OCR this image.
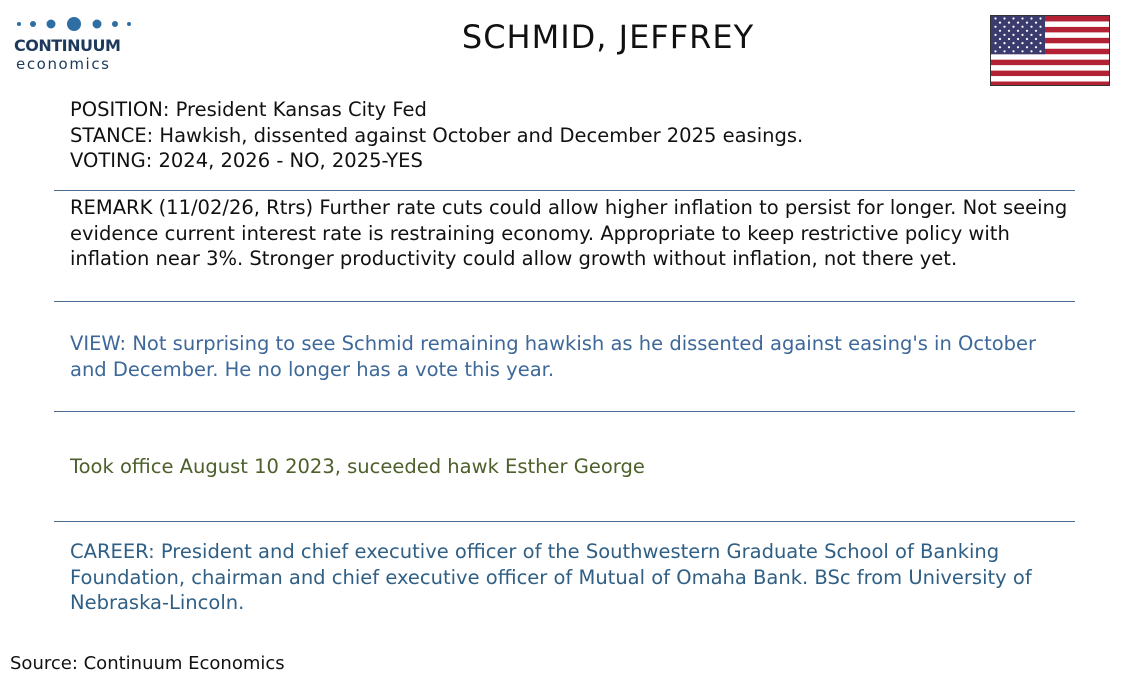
CONTINUUM
economics
SCHMID, JEFFREY

POSITION: President Kansas City Fed

STANCE: Hawkish, dissented against October and December 2025 easings.

VOTING: 2024, 2026 - NO, 2025-YES

REMARK (11/02/26, Rtrs) Further rate cuts could allow higher inflation to persist for longer. Not seeing evidence current interest rate is restraining economy. Appropriate to keep restrictive policy with inflation near 3%. Stronger productivity could allow growth without inflation, not there yet.

VIEW: Not surprising to see Schmid remaining hawkish as he dissented against easing's in October and December. He no longer has a vote this year.

Took office August 10 2023, suceeded hawk Esther George

CAREER: President and chief executive officer of the Southwestern Graduate School of Banking Foundation, chairman and chief executive officer of Mutual of Omaha Bank. BSc from University of Nebraska-Lincoln.

Source: Continuum Economics
